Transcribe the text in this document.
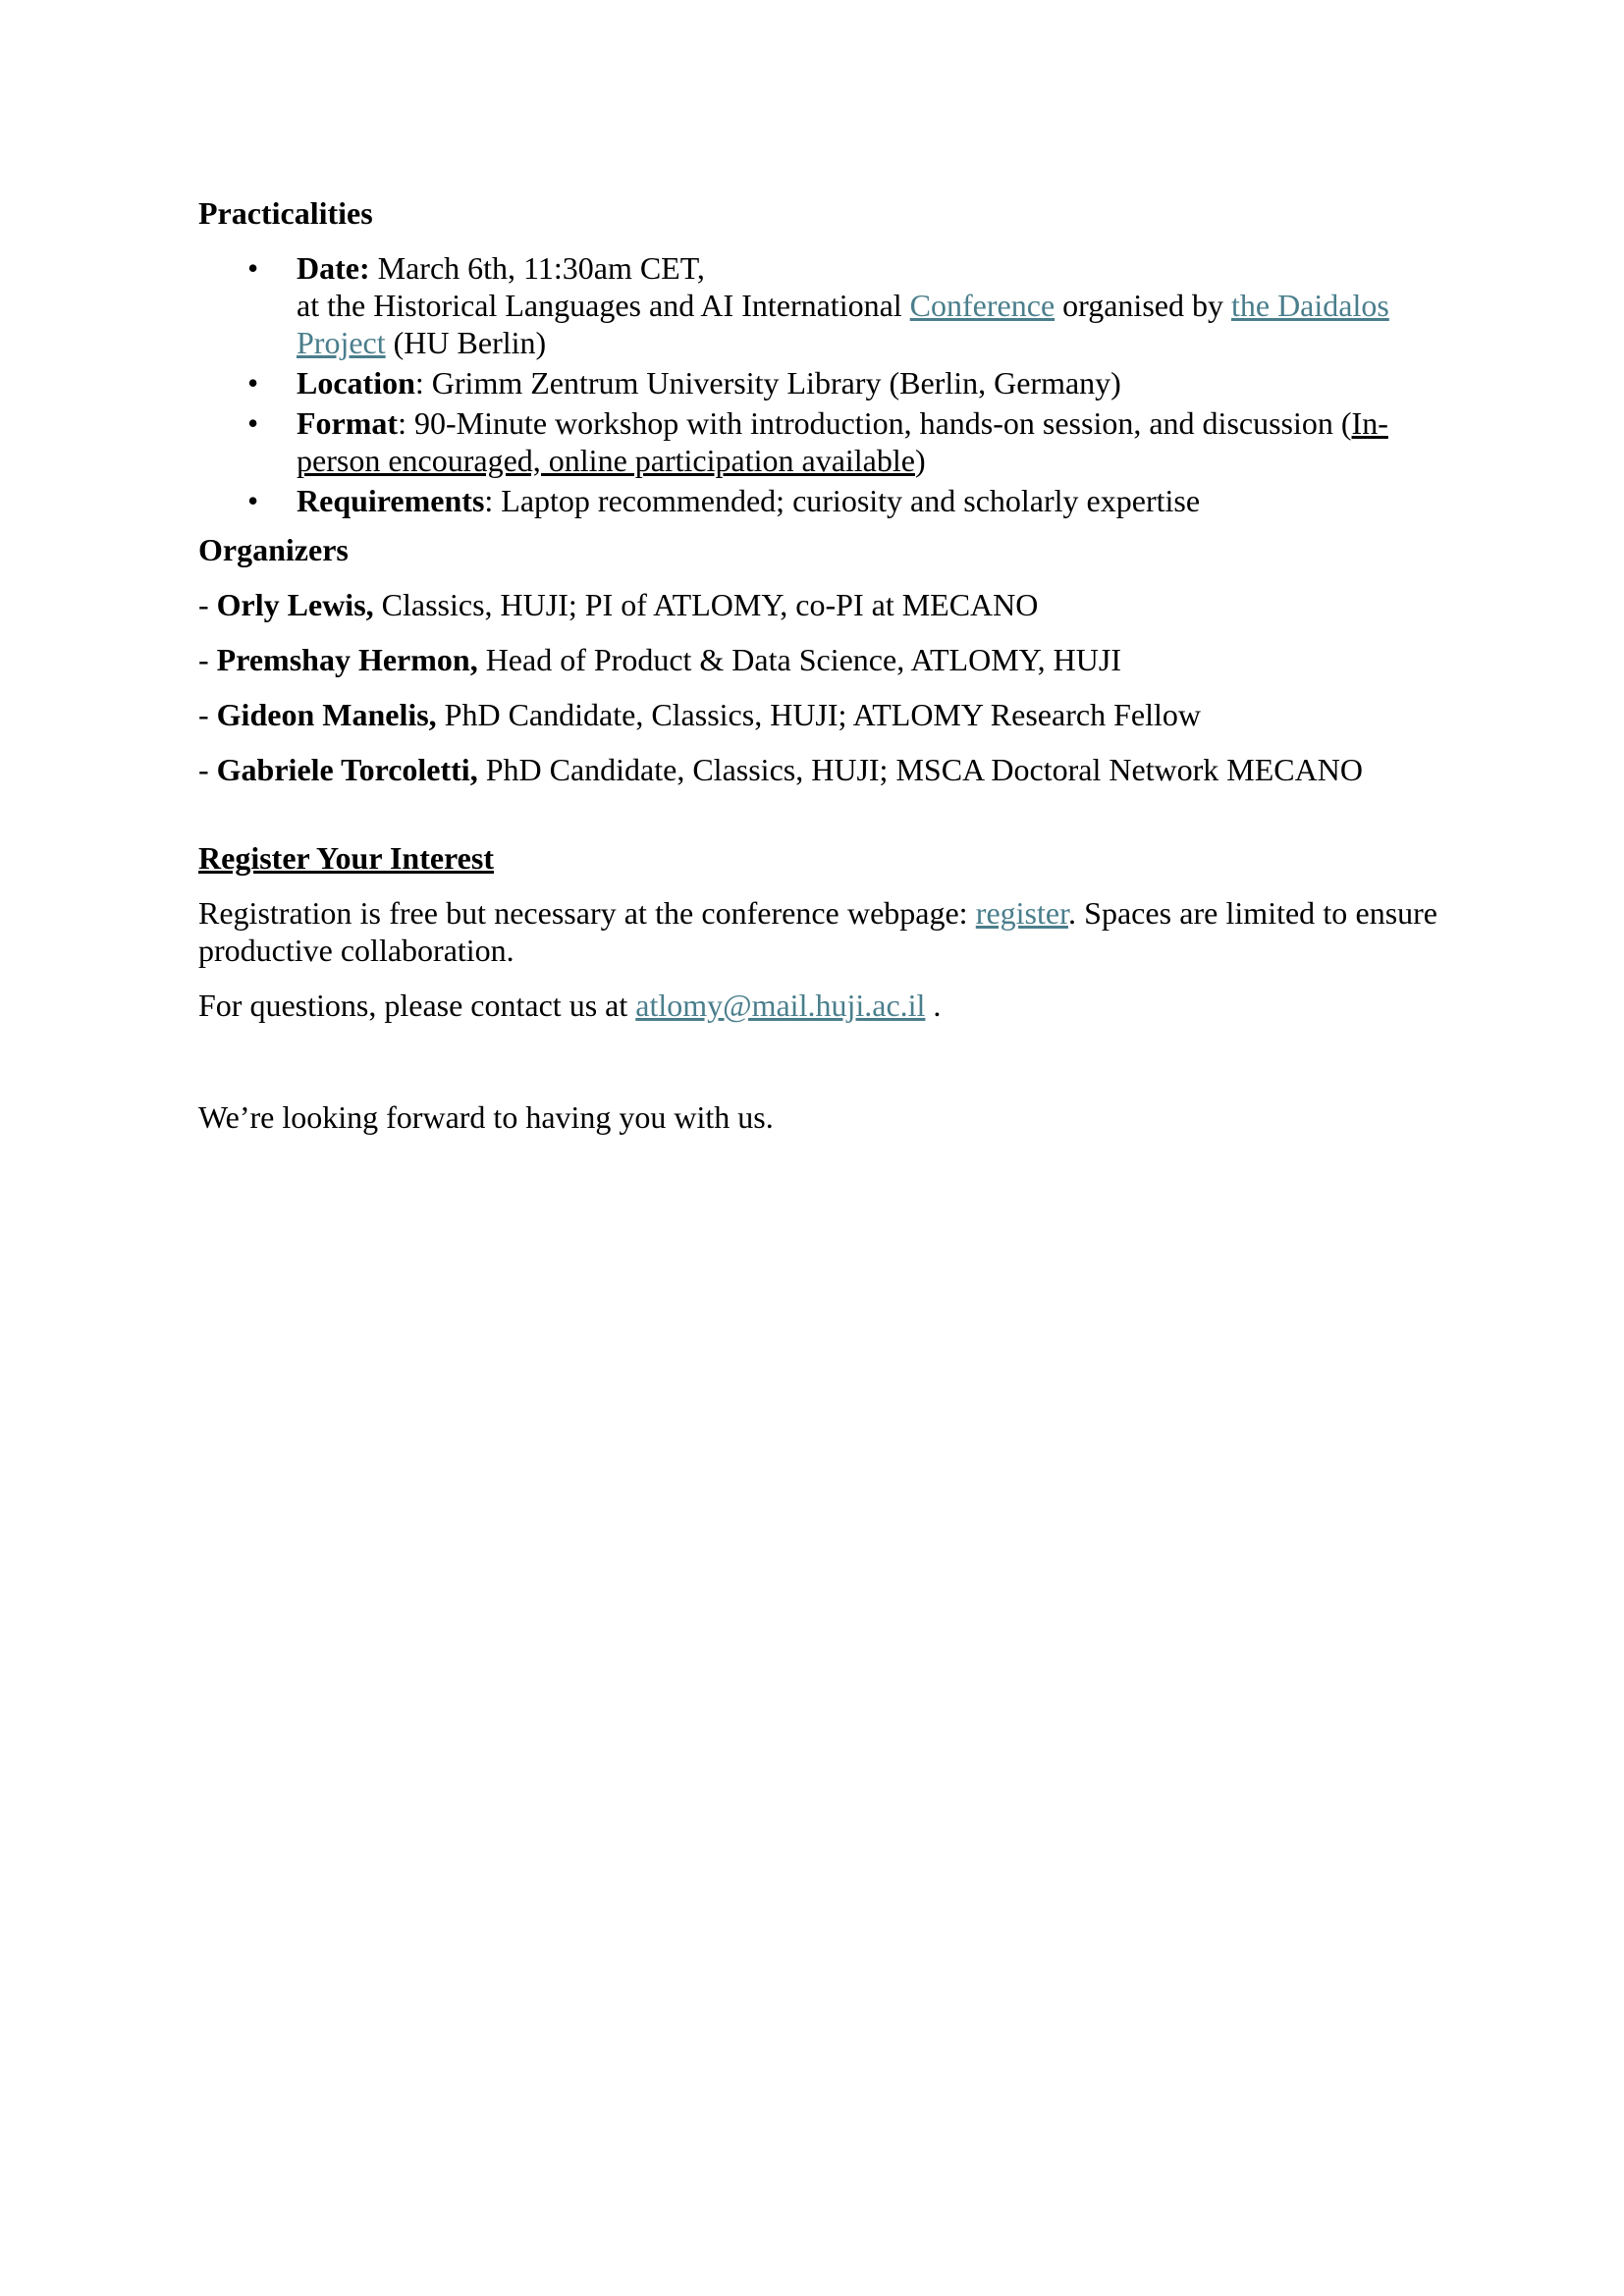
Practicalities

• Date: March 6th, 11:30am CET,
at the Historical Languages and AI International Conference organised by the Daidalos Project (HU Berlin)
• Location: Grimm Zentrum University Library (Berlin, Germany)
• Format: 90-Minute workshop with introduction, hands-on session, and discussion (In-person encouraged, online participation available)
• Requirements: Laptop recommended; curiosity and scholarly expertise

Organizers

- Orly Lewis, Classics, HUJI; PI of ATLOMY, co-PI at MECANO

- Premshay Hermon, Head of Product & Data Science, ATLOMY, HUJI

- Gideon Manelis, PhD Candidate, Classics, HUJI; ATLOMY Research Fellow

- Gabriele Torcoletti, PhD Candidate, Classics, HUJI; MSCA Doctoral Network MECANO

Register Your Interest

Registration is free but necessary at the conference webpage: register. Spaces are limited to ensure productive collaboration.

For questions, please contact us at atlomy@mail.huji.ac.il .

We’re looking forward to having you with us.
